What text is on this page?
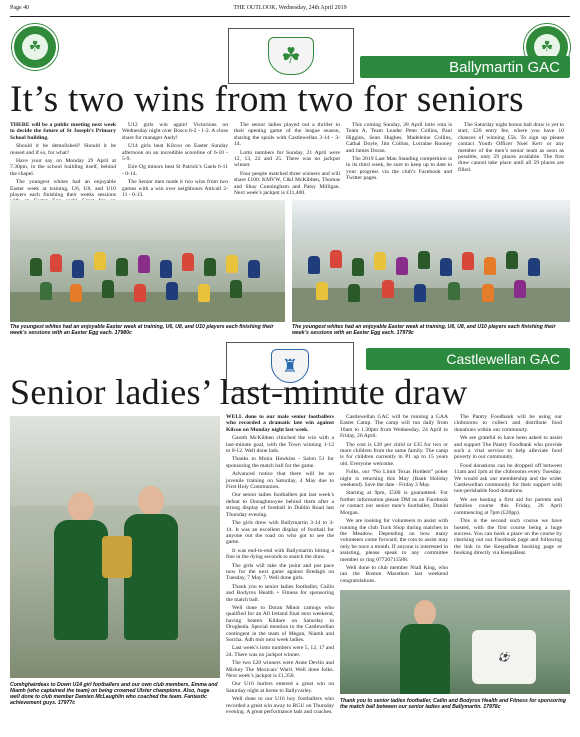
Page 40	THE OUTLOOK, Wednesday, 24th April 2019
☘	☘	☘
Ballymartin GAC
It’s two wins from two for seniors

THERE will be a public meeting next week to decide the future of St Joseph’s Primary School building.

Should it be demolished? Should it be reused and if so, for what?

Have your say on Monday 29 April at 7.30pm, in the school building itself, behind the chapel.

The youngest whites had an enjoyable Easter week at training, U6, U8, and U10 players each finishing their weeks sessions

U12 girls win again! Victorious on Wednesday night over Bosco 6-2 - 1-2. A close share for manager Andy!

U14 girls beat Kilcoo on Easter Sunday afternoon on an incredible scoreline of 6-10 - 5-9.

Eire Og minors beat St Patrick’s Gaels 6-11 - 0-14.

The Senior men made it two wins from two games with a win over neighbours Atticall 2-11 - 0-13.

The senior ladies played out a thriller in their opening game of the league season, sharing the spoils with Castlewellan 3-14 - 3-14.

Lotto numbers for Sunday, 21 April were 12, 13, 22 and 25. There was no jackpot winner.

Four people matched three winners and will share £100: KMVW, C&J McKibben, Thomas and Shay Cunningham and Patsy Milligan. Next week’s jackpot is £11,400.

This coming Sunday, 28 April lotto rota is Team A, Team Leader Peter Collins, Paul Higgins, Sean Hughes, Madeleine Collins, Cathal Doyle, Jim Collins, Lorraine Rooney and James Doran.

The 2019 Last Man Standing competition is in its third week, be sure to keep up to date in your progress via the club’s Facebook and Twitter pages.

The Saturday night bonus ball draw is yet to start, £20 entry fee, where you have 10 chances of winning £5k. To sign up please contact Youth Officer Noel Kerr or any member of the men’s senior team as soon as possible, only 59 places available. The first draw cannot take place until all 59 places are filled.

The youngest whites had an enjoyable Easter week at training, U6, U8, and U10 players each finishing their week’s sessions with an Easter Egg each. 17980c
The youngest whites had an enjoyable Easter week at training, U6, U8, and U10 players each finishing their week’s sessions with an Easter Egg each. 17979c
♜	Castlewellan GAC
Senior ladies’ last-minute draw

WELL done to our male senior footballers who recorded a dramatic late win against Kilcoo on Monday night last week.

Gareth McKibben clinched the win with a last-minute goal, with the Town winning 1-12 to 0-12. Well done lads.

Thanks to Moira Hawkins - Salon 51 for sponsoring the match ball for the game.

Advanced notice that there will be no juvenile training on Saturday, 4 May due to First Holy Communion.

Our senior ladies footballers put last week’s defeat to Donaghmoyne behind them after a strong display of football in Dublin Road last Thursday evening.

The girls drew with Ballymartin 3-14 to 3-14. It was an excellent display of football for anyone out the road on who got to see the game.

It was end-to-end with Ballymartin hitting a fine in the dying seconds to snatch the draw.

The girls will take the point and put pace now for the next game against Bredagh on Tuesday, 7 May 7. Well done girls.

Thank you to senior ladies footballer, Cailin and Bodyrox Health + Fitness for sponsoring the match ball.

Well done to Doran Minor camogs who qualified for an All Ireland final next weekend, having beaten Kildare on Saturday in Drogheda. Special mention to the Castlewellan contingent in the team of Megan, Niamh and Sorcha. Ádh mór next week ladies.

Last week’s lotto numbers were 5, 12, 17 and 24. There was no jackpot winner.

The two £20 winners were Anne Devlin and Mickey The Mexican/ Ward. Well done folks. Next week’s jackpot is £1,350.

Our U16 hurlers entered a great win on Saturday night at home to Ballyvarley.

Well done to our U16 boy footballers who recorded a great win away to RGU on Thursday evening. A great performance lads and coaches.

Castlewellan GAC will be running a GAA Easter Camp. The camp will run daily from 10am to 1.30pm from Wednesday, 24 April to Friday, 26 April.

The cost is £20 per child or £35 for two or more children from the same family. The camp is for children currently in P1 up to 15 years old. Everyone welcome.

Folks, our “No Limit Texas Holdem” poker night is returning this May (Bank Holiday weekend). Save the date - Friday 3 May.

Starting at 9pm, £500 is guaranteed. For further information please DM us on Facebook or contact our senior men’s footballer, Daniel Morgan.

We are looking for volunteers to assist with running the club Tuck Shop during matches in the Meadow. Depending on how many volunteers come forward, the rota to assist may only be once a month. If anyone is interested in assisting, please speak to any committee member or ring 07720711588.

Well done to club member Niall King, who ran the Boston Marathon last weekend congratulations.

The Pantry Foodbank will be using our clubrooms to collect and distribute food donations within our community.

We are grateful to have been asked to assist and support The Pantry Foodbank who provide such a vital service to help alleviate food poverty in our community.

Food donations can be dropped off between 11am and 1pm at the clubrooms every Tuesday. We would ask our membership and the wider Castlewellan community for their support with non-perishable food donations.

We are hosting a first aid for parents and families course this Friday, 26 April commencing at 7pm (£20pp).

This is the second such course we have hosted, with the first course being a huge success. You can book a place on the course by checking out our Facebook page and following the link to the KeepaBeat booking page or booking directly via KeepaBeat.

⚽
Comhghairdeas to Down U14 girl footballers and our own club members, Emma and Niamh (who captained the team) on being crowned Ulster champions. Also, huge well done to club member Damien McLaughlin who coached the team. Fantastic achievement guys. 17977c	Thank you to senior ladies footballer, Cailin and Bodyrox Health and Fitness for sponsoring the match ball between our senior ladies and Ballymartin. 17978c
